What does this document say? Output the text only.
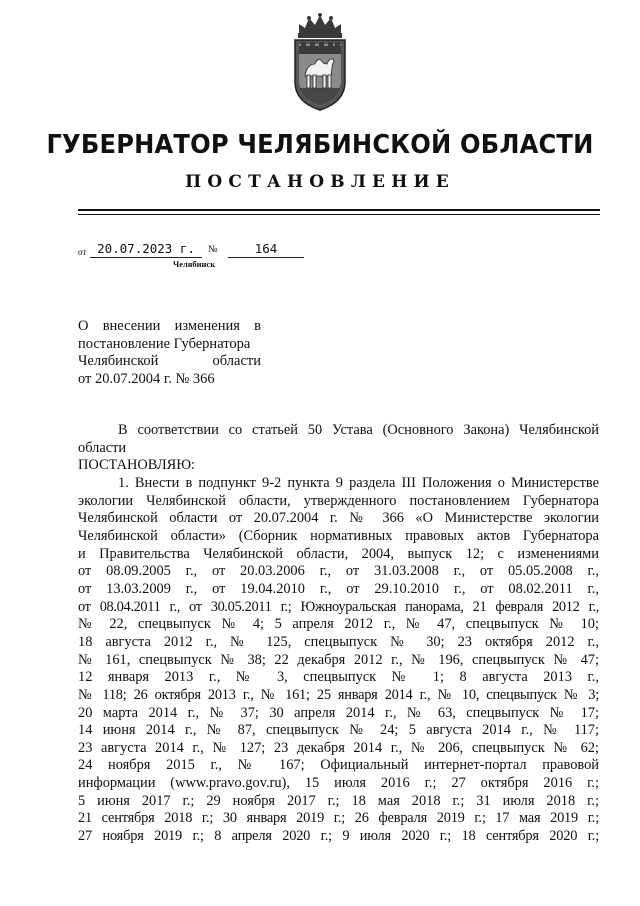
ГУБЕРНАТОР ЧЕЛЯБИНСКОЙ ОБЛАСТИ
ПОСТАНОВЛЕНИЕ
от 20.07.2023 г.	№	164
Челябинск
О внесении изменения в
постановление Губернатора
Челябинской области
от 20.07.2004 г. № 366
В соответствии со статьей 50 Устава (Основного Закона) Челябинской
области
ПОСТАНОВЛЯЮ:
1. Внести в подпункт 9-2 пункта 9 раздела III Положения о Министерстве
экологии Челябинской области, утвержденного постановлением Губернатора
Челябинской области от 20.07.2004 г. № 366 «О Министерстве экологии
Челябинской области» (Сборник нормативных правовых актов Губернатора
и Правительства Челябинской области, 2004, выпуск 12; с изменениями
от 08.09.2005 г., от 20.03.2006 г., от 31.03.2008 г., от 05.05.2008 г.,
от 13.03.2009 г., от 19.04.2010 г., от 29.10.2010 г., от 08.02.2011 г.,
от 08.04.2011 г., от 30.05.2011 г.; Южноуральская панорама, 21 февраля 2012 г.,
№ 22, спецвыпуск № 4; 5 апреля 2012 г., № 47, спецвыпуск № 10;
18 августа 2012 г., № 125, спецвыпуск № 30; 23 октября 2012 г.,
№ 161, спецвыпуск № 38; 22 декабря 2012 г., № 196, спецвыпуск № 47;
12 января 2013 г., № 3, спецвыпуск № 1; 8 августа 2013 г.,
№ 118; 26 октября 2013 г., № 161; 25 января 2014 г., № 10, спецвыпуск № 3;
20 марта 2014 г., № 37; 30 апреля 2014 г., № 63, спецвыпуск № 17;
14 июня 2014 г., № 87, спецвыпуск № 24; 5 августа 2014 г., № 117;
23 августа 2014 г., № 127; 23 декабря 2014 г., № 206, спецвыпуск № 62;
24 ноября 2015 г., № 167; Официальный интернет-портал правовой
информации (www.pravo.gov.ru), 15 июля 2016 г.; 27 октября 2016 г.;
5 июня 2017 г.; 29 ноября 2017 г.; 18 мая 2018 г.; 31 июля 2018 г.;
21 сентября 2018 г.; 30 января 2019 г.; 26 февраля 2019 г.; 17 мая 2019 г.;
27 ноября 2019 г.; 8 апреля 2020 г.; 9 июля 2020 г.; 18 сентября 2020 г.;
